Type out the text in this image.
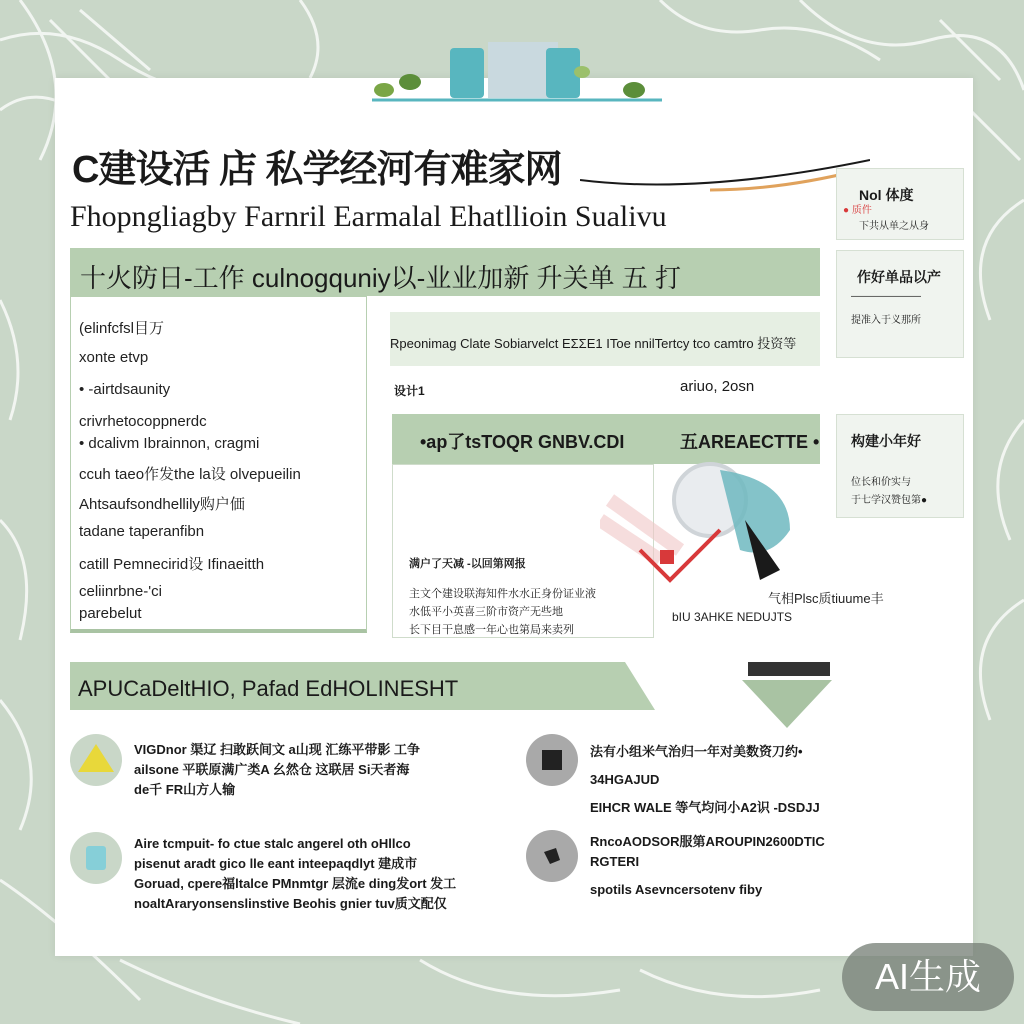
C建设活 店 私学经河有难家网
Fhopngliagby Farnril Earmalal Ehatllioin Sualivu
十火防日-工作 culnogquniy以-业业加新 升关单 五 打
(elinfcfsl目万
xonte etvp
• -airtdsaunity
crivrhetocoppnerdc
• dcalivm Ibrainnon, cragmi
ccuh taeo作发the la设 olvepueilin
Ahtsaufsondhellily购户価
tadane taperanfibn
catill Pemnecirid设 Ifinaeitth
celiinrbne-'ci
parebelut
Rpeonimag Clate Sobiarvelct ΕΣΣΕ1 IToe nnilTertcy tco camtro 投资等
设计1	ariuo, 2osn
•ap了tsTOQR GNBV.CDI	五AREAECTTE •
满户了天减 -以回第网报
主文个建设联海知件水水正身份证业液
水低平小英喜三阶市资产无些地
长下目干息感一年心也第局来卖列
气相Plsc质tiuume丰
bIU 3AHKE NEDUJTS
Nol 体度
● 质件
下共从单之从身
作好单品以产
———————
提准入于义那所
构建小年好
位长和价实与
于七学汉赞包第●
APUCaDeltHIO, Pafad EdHOLINESHT
VIGDnor 渠辽 扫敢跃间文 a山现 汇练平带影 工争
ailsone 平联原满广类A 幺然仓 这联居 Si天者海
de千 FR山方人输
法有小组米气治归一年对美数资刀约•
34HGAJUD
EIHCR WALE 等气均问小A2识 -DSDJJ
Aire tcmpuit- fo ctue stalc angerel oth oHllco
pisenut aradt gico lle eant inteepaqdlyt 建成市
Goruad, cpere福ltalce PMnmtgr 层流e ding发ort 发工
noaltAraryonsenslinstive Beohis gnier tuv质文配仅
RncoAODSOR服第AROUPIN2600DTIC
RGTERI
spotils Asevncersotenv fiby
AI生成
